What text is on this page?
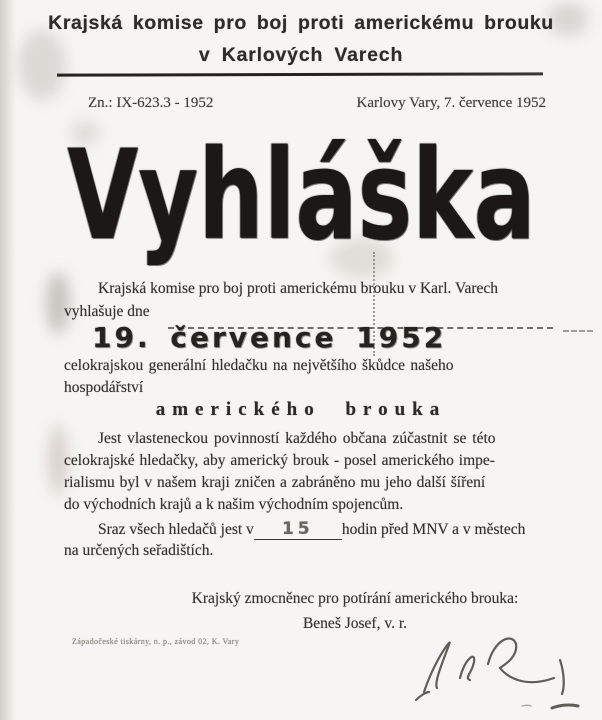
Krajská komise pro boj proti americkému brouku
v Karlových Varech
Zn.: IX-623.3 - 1952	Karlovy Vary, 7. července 1952
Vyhláška
Krajská komise pro boj proti americkému brouku v Karl. Varech
vyhlašuje dne
19. července 1952
celokrajskou generální hledačku na největšího škůdce našeho
hospodářství
amerického brouka
Jest vlasteneckou povinností každého občana zúčastnit se této
celokrajské hledačky, aby americký brouk - posel amerického impe-
rialismu byl v našem kraji zničen a zabráněno mu jeho další šíření
do východních krajů a k našim východním spojencům.
Sraz všech hledačů jest v 15 hodin před MNV a v městech
na určených seřadištích.
Krajský zmocněnec pro potírání amerického brouka:
Beneš Josef, v. r.
Západočeské tiskárny, n. p., závod 02, K. Vary
